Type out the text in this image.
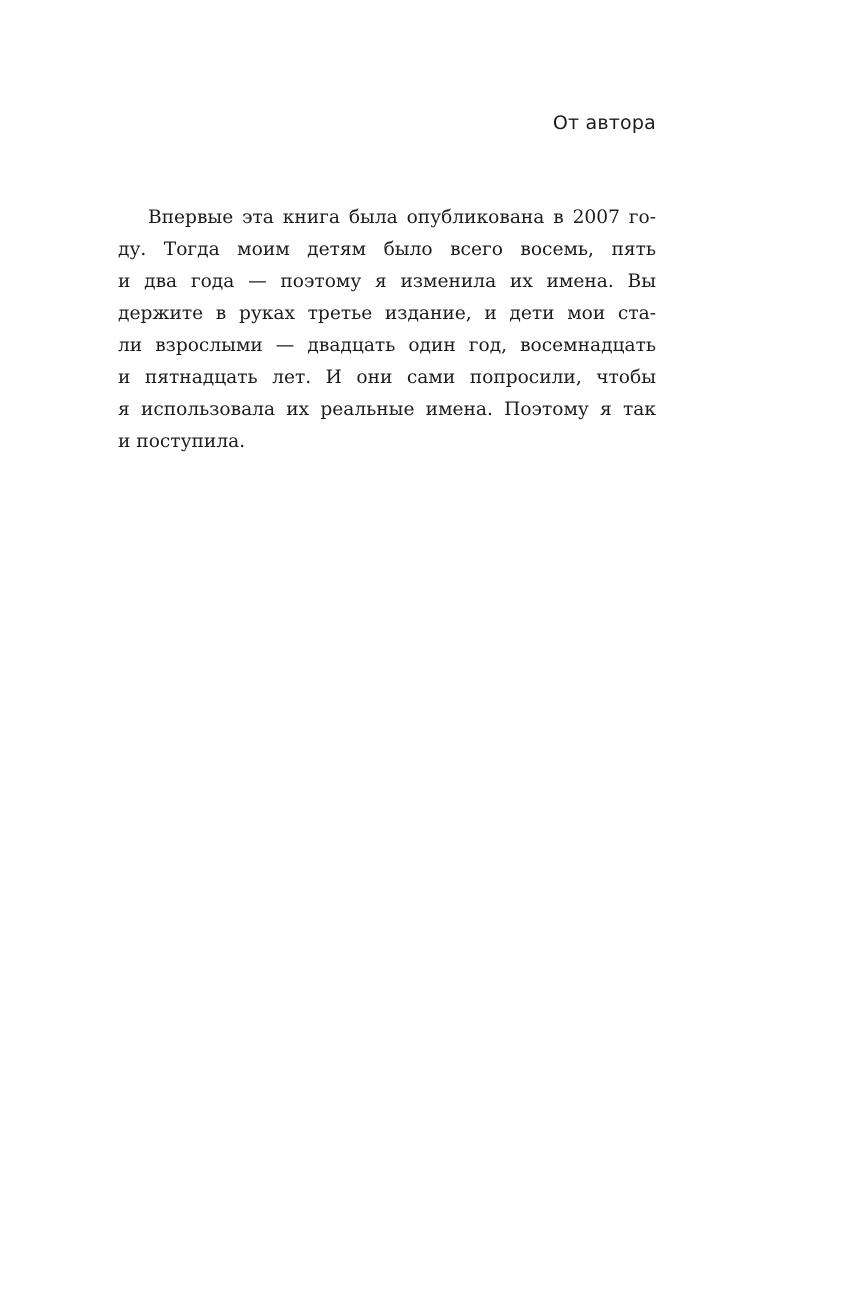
От автора
Впервые эта книга была опубликована в 2007 го-
ду. Тогда моим детям было всего восемь, пять
и два года — поэтому я изменила их имена. Вы
держите в руках третье издание, и дети мои ста-
ли взрослыми — двадцать один год, восемнадцать
и пятнадцать лет. И они сами попросили, чтобы
я использовала их реальные имена. Поэтому я так
и поступила.
